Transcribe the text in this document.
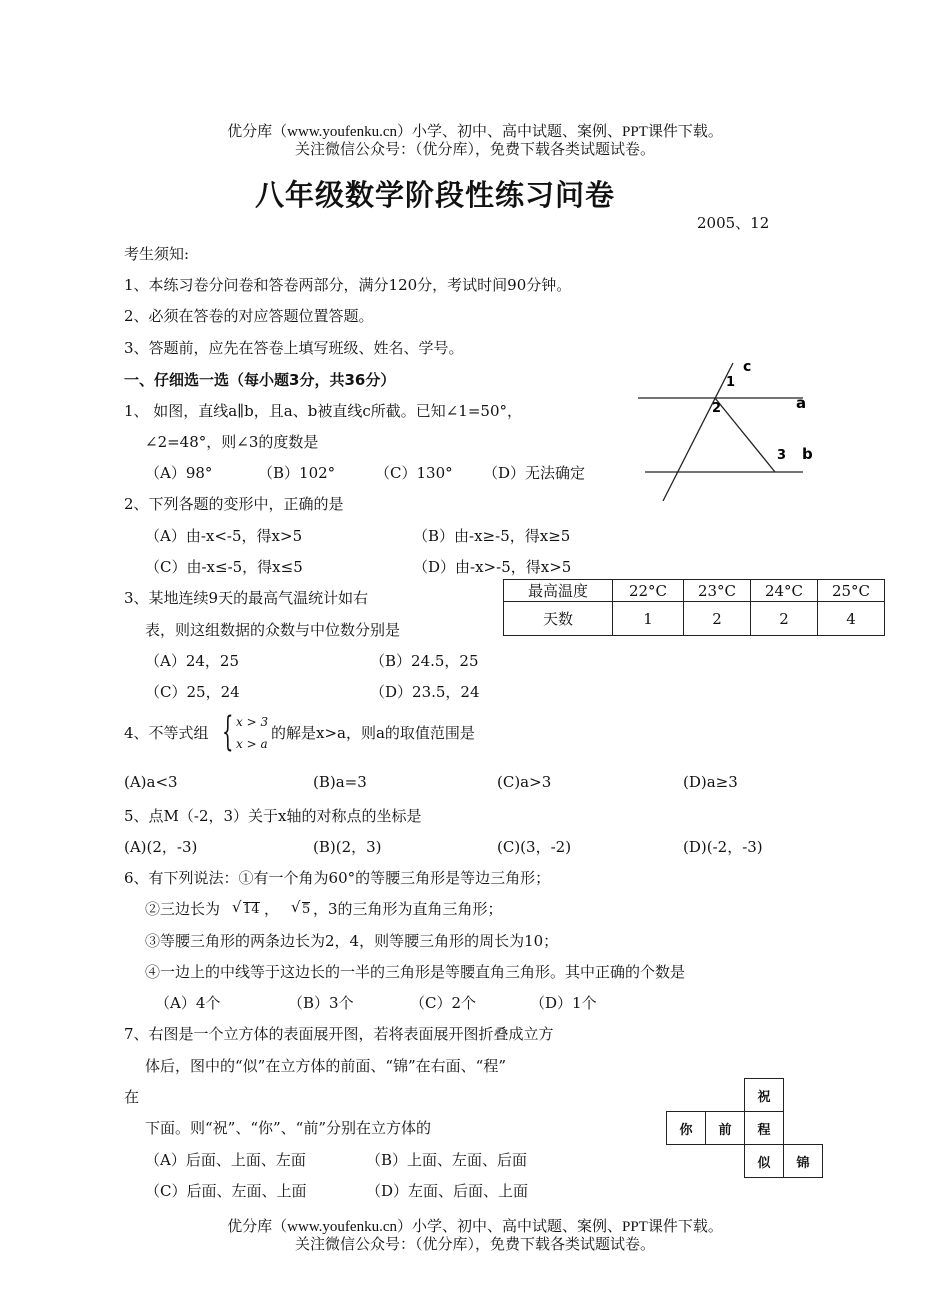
优分库（www.youfenku.cn）小学、初中、高中试题、案例、PPT课件下载。
关注微信公众号：（优分库），免费下载各类试题试卷。
八年级数学阶段性练习问卷
2005、12
考生须知:
1、本练习卷分问卷和答卷两部分，满分120分，考试时间90分钟。
2、必须在答卷的对应答题位置答题。
3、答题前，应先在答卷上填写班级、姓名、学号。
一、仔细选一选（每小题3分，共36分）
1、 如图，直线a∥b，且a、b被直线c所截。已知∠1=50°，
∠2=48°，则∠3的度数是
（A）98°	（B）102°	（C）130° （D）无法确定
c
1
2	a
3 b
2、下列各题的变形中，正确的是
（A）由-x<-5，得x>5	（B）由-x≥-5，得x≥5
（C）由-x≤-5，得x≤5	（D）由-x>-5，得x>5
3、某地连续9天的最高气温统计如右
表，则这组数据的众数与中位数分别是
（A）24，25	（B）24.5，25
（C）25，24	（D）23.5，24
最高温度	22°C	23°C	24°C	25°C
天数	1	2	2	4
4、不等式组 { x > 3
x > a
的解是x>a，则a的取值范围是
(A)a<3	(B)a=3	(C)a>3	(D)a≥3
5、点M（-2，3）关于x轴的对称点的坐标是
(A)(2，-3)	(B)(2，3)	(C)(3，-2)	(D)(-2，-3)
6、有下列说法：①有一个角为60°的等腰三角形是等边三角形；
②三边长为 √ 14 ， √ 5 ，3的三角形为直角三角形；
③等腰三角形的两条边长为2，4，则等腰三角形的周长为10；
④一边上的中线等于这边长的一半的三角形是等腰直角三角形。其中正确的个数是
（A）4个	（B）3个	（C）2个	（D）1个
7、右图是一个立方体的表面展开图，若将表面展开图折叠成立方
体后，图中的“似”在立方体的前面、“锦”在右面、“程”
在
下面。则“祝”、“你”、“前”分别在立方体的
（A）后面、上面、左面	（B）上面、左面、后面
（C）后面、左面、上面	（D）左面、后面、上面
		祝	
你	前	程	
		似	锦
优分库（www.youfenku.cn）小学、初中、高中试题、案例、PPT课件下载。
关注微信公众号：（优分库），免费下载各类试题试卷。
